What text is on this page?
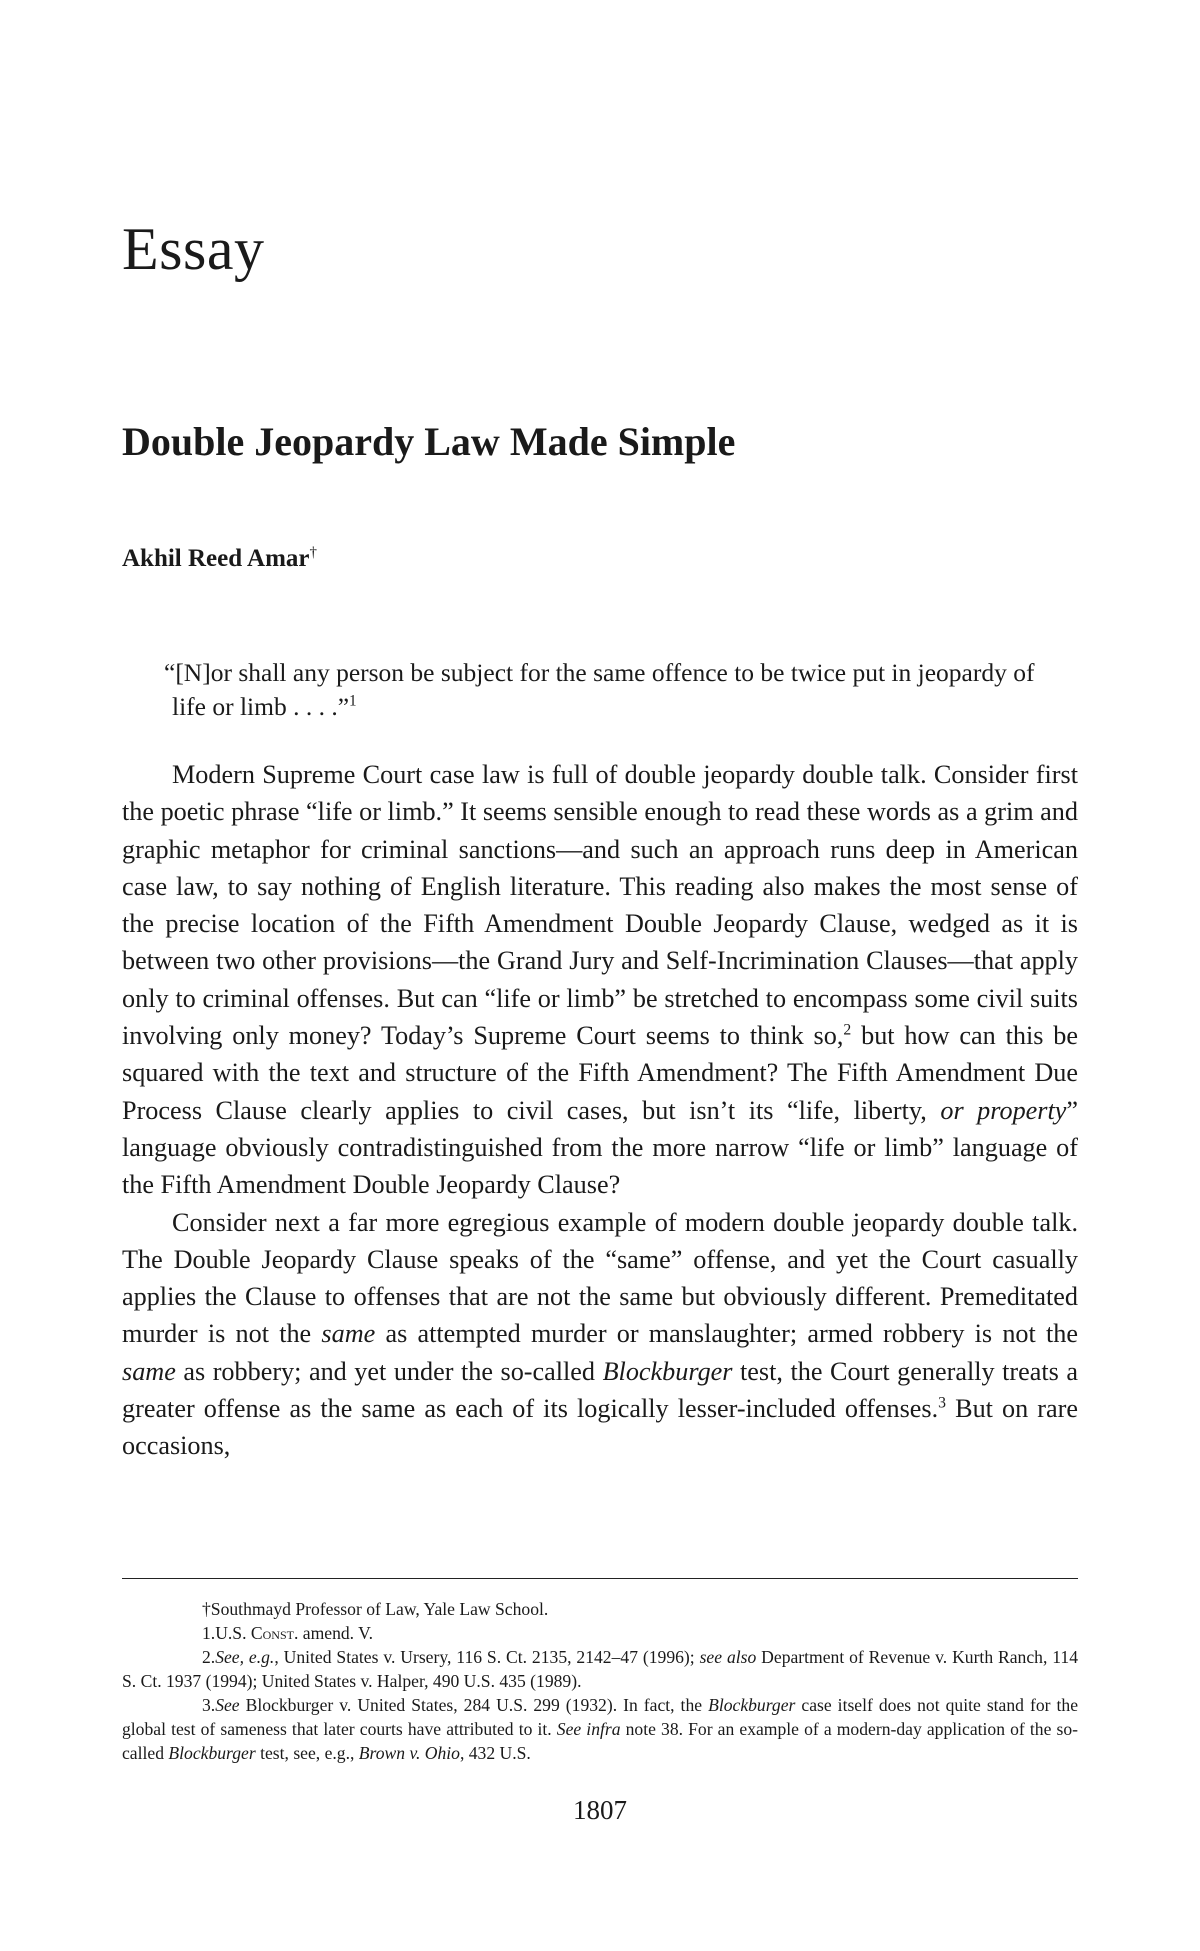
Essay
Double Jeopardy Law Made Simple
Akhil Reed Amar†

“[N]or shall any person be subject for the same offence to be twice put in jeopardy of life or limb . . . .”$^1$

Modern Supreme Court case law is full of double jeopardy double talk. Consider first the poetic phrase “life or limb.” It seems sensible enough to read these words as a grim and graphic metaphor for criminal sanctions—and such an approach runs deep in American case law, to say nothing of English literature. This reading also makes the most sense of the precise location of the Fifth Amendment Double Jeopardy Clause, wedged as it is between two other provisions—the Grand Jury and Self-Incrimination Clauses—that apply only to criminal offenses. But can “life or limb” be stretched to encompass some civil suits involving only money? Today’s Supreme Court seems to think so,$^2$ but how can this be squared with the text and structure of the Fifth Amendment? The Fifth Amendment Due Process Clause clearly applies to civil cases, but isn’t its “life, liberty, or property” language obviously contradistinguished from the more narrow “life or limb” language of the Fifth Amendment Double Jeopardy Clause?

Consider next a far more egregious example of modern double jeopardy double talk. The Double Jeopardy Clause speaks of the “same” offense, and yet the Court casually applies the Clause to offenses that are not the same but obviously different. Premeditated murder is not the same as attempted murder or manslaughter; armed robbery is not the same as robbery; and yet under the so-called Blockburger test, the Court generally treats a greater offense as the same as each of its logically lesser-included offenses.$^3$ But on rare occasions,

†Southmayd Professor of Law, Yale Law School.

1.U.S. Const. amend. V.

2.See, e.g., United States v. Ursery, 116 S. Ct. 2135, 2142–47 (1996); see also Department of Revenue v. Kurth Ranch, 114 S. Ct. 1937 (1994); United States v. Halper, 490 U.S. 435 (1989).

3.See Blockburger v. United States, 284 U.S. 299 (1932). In fact, the Blockburger case itself does not quite stand for the global test of sameness that later courts have attributed to it. See infra note 38. For an example of a modern-day application of the so-called Blockburger test, see, e.g., Brown v. Ohio, 432 U.S.

1807
